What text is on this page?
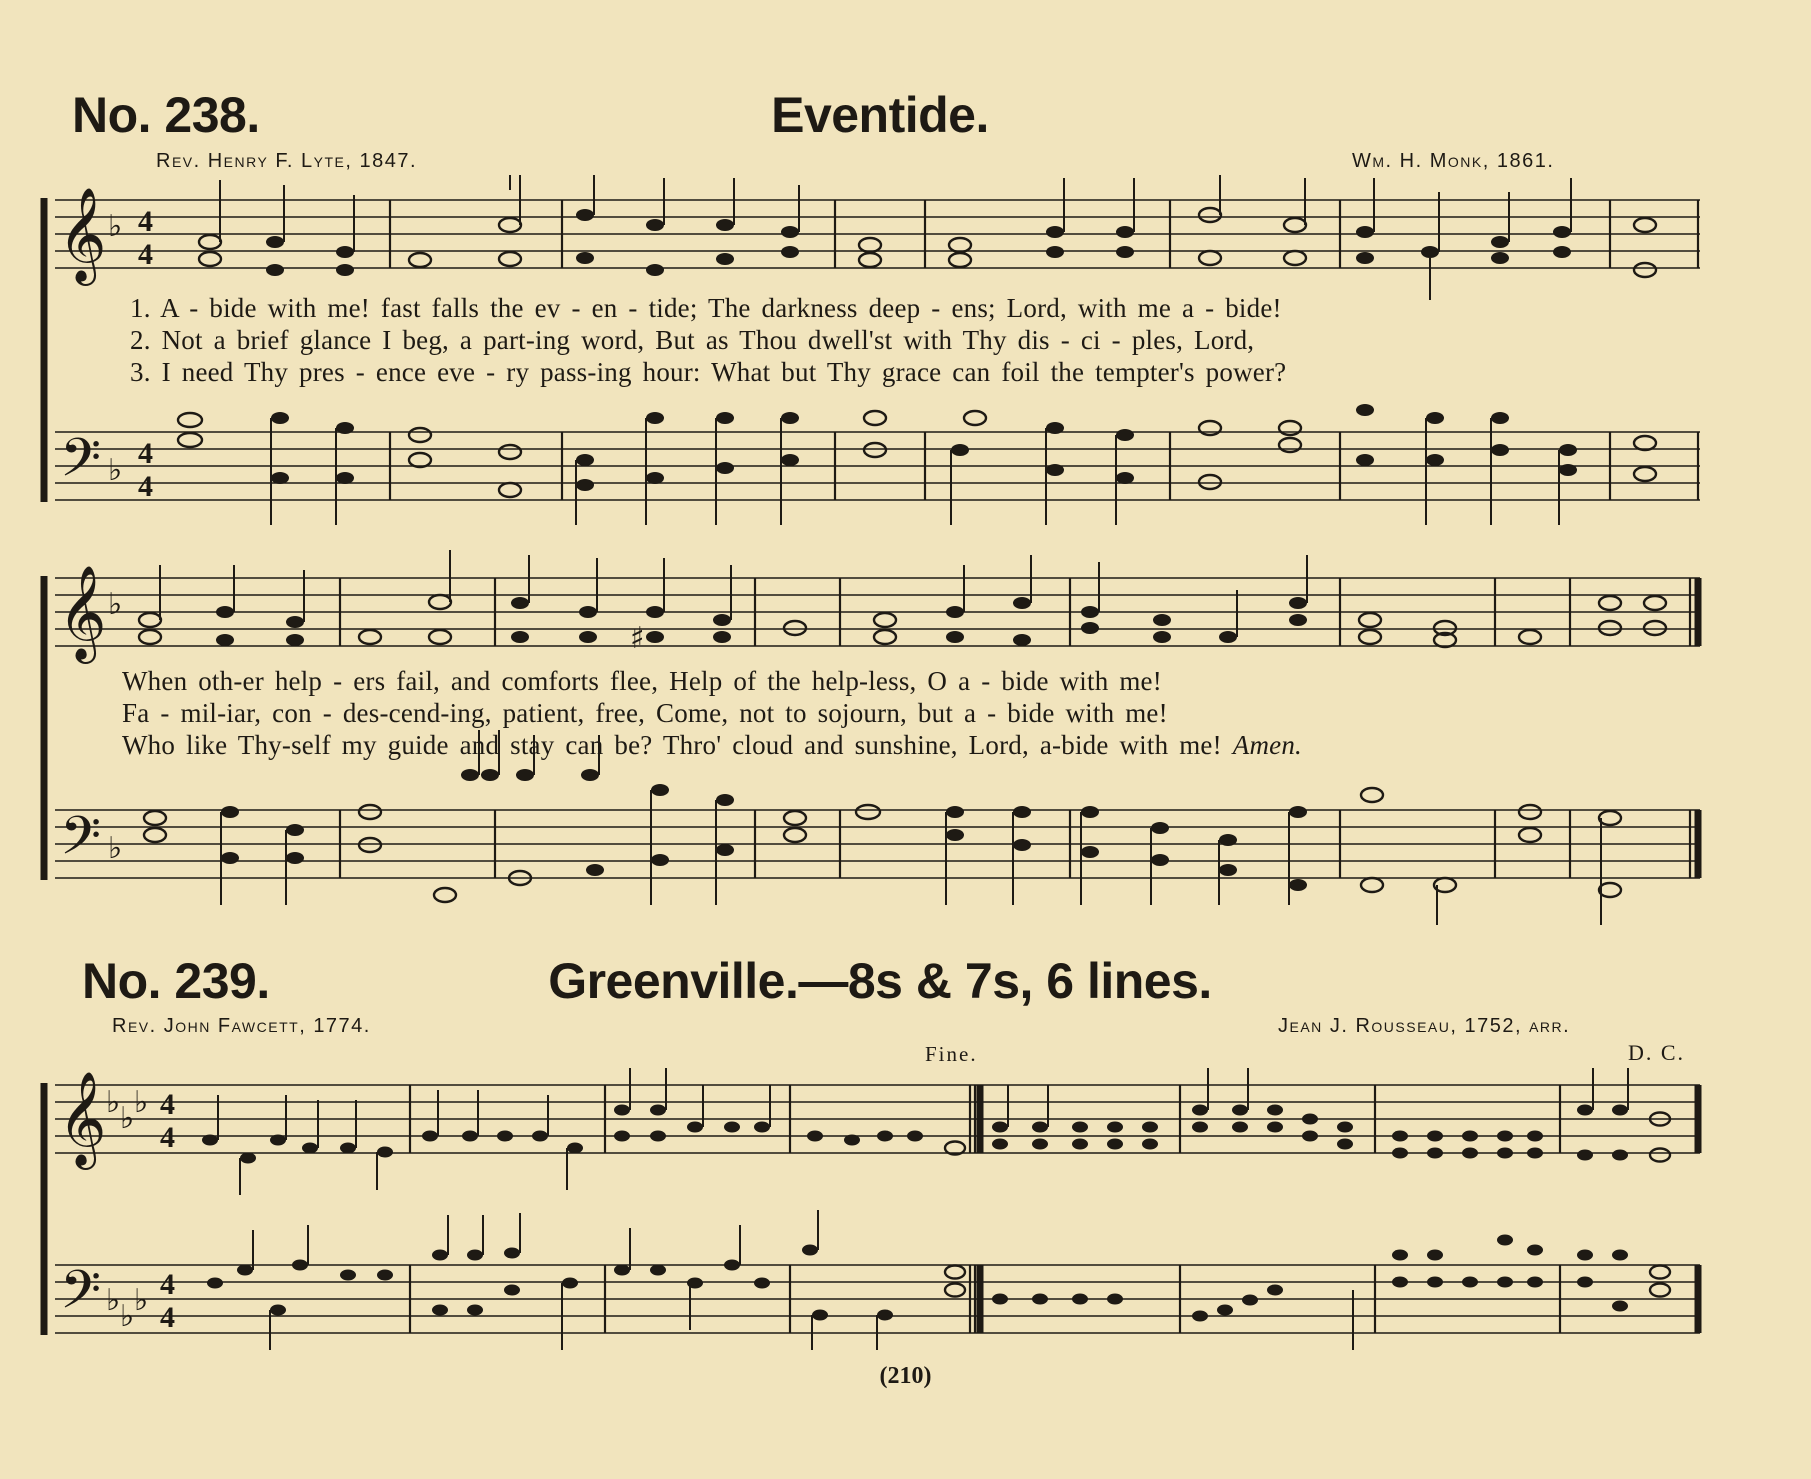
No. 238.	Eventide.
Rev. Henry F. Lyte, 1847.	Wm. H. Monk, 1861.
𝄞
𝄢
♭
♭
4
4
4
4
𝄞
𝄢
♭
♭
♯
𝄞
𝄢
♭ ♭ ♭
♭ ♭ ♭
4
4
4
4
1. A - bide with me! fast falls the ev - en - tide; The darkness deep - ens; Lord, with me a - bide!
2. Not a brief glance I beg, a part-ing word, But as Thou dwell'st with Thy dis - ci - ples, Lord,
3. I need Thy pres - ence eve - ry pass-ing hour: What but Thy grace can foil the tempter's power?
When oth-er help - ers fail, and comforts flee, Help of the help-less, O a - bide with me!
Fa - mil-iar, con - des-cend-ing, patient, free, Come, not to sojourn, but a - bide with me!
Who like Thy-self my guide and stay can be? Thro' cloud and sunshine, Lord, a-bide with me! Amen.
No. 239.	Greenville.—8s & 7s, 6 lines.
Rev. John Fawcett, 1774.	Jean J. Rousseau, 1752, arr.
Fine.	D. C.
(210)
